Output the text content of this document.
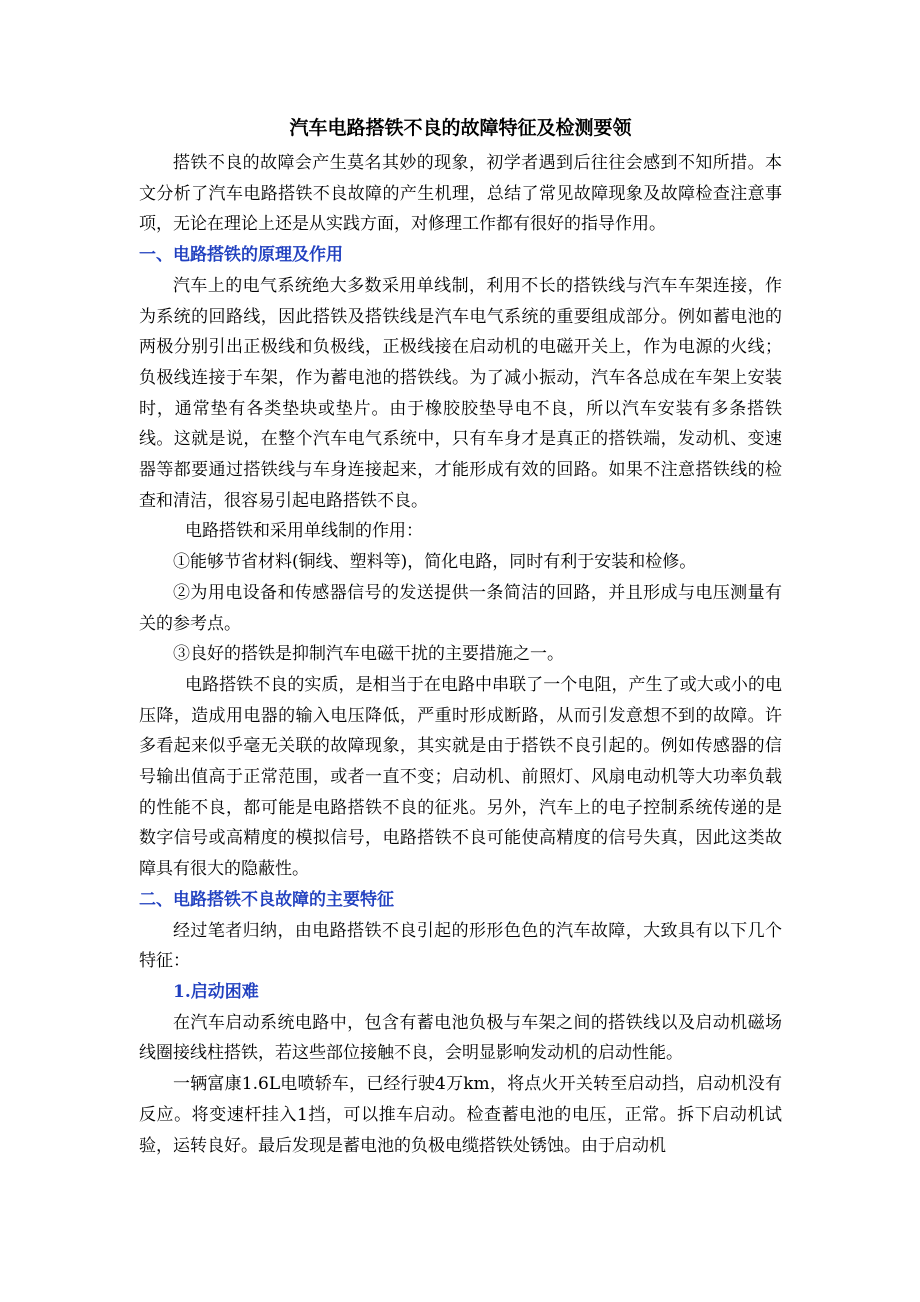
汽车电路搭铁不良的故障特征及检测要领

搭铁不良的故障会产生莫名其妙的现象，初学者遇到后往往会感到不知所措。本文分析了汽车电路搭铁不良故障的产生机理，总结了常见故障现象及故障检查注意事项，无论在理论上还是从实践方面，对修理工作都有很好的指导作用。

一、电路搭铁的原理及作用

汽车上的电气系统绝大多数采用单线制，利用不长的搭铁线与汽车车架连接，作为系统的回路线，因此搭铁及搭铁线是汽车电气系统的重要组成部分。例如蓄电池的两极分别引出正极线和负极线，正极线接在启动机的电磁开关上，作为电源的火线；负极线连接于车架，作为蓄电池的搭铁线。为了减小振动，汽车各总成在车架上安装时，通常垫有各类垫块或垫片。由于橡胶胶垫导电不良，所以汽车安装有多条搭铁线。这就是说，在整个汽车电气系统中，只有车身才是真正的搭铁端，发动机、变速器等都要通过搭铁线与车身连接起来，才能形成有效的回路。如果不注意搭铁线的检查和清洁，很容易引起电路搭铁不良。

电路搭铁和采用单线制的作用：

①能够节省材料(铜线、塑料等)，简化电路，同时有利于安装和检修。

②为用电设备和传感器信号的发送提供一条简洁的回路，并且形成与电压测量有关的参考点。

③良好的搭铁是抑制汽车电磁干扰的主要措施之一。

电路搭铁不良的实质，是相当于在电路中串联了一个电阻，产生了或大或小的电压降，造成用电器的输入电压降低，严重时形成断路，从而引发意想不到的故障。许多看起来似乎毫无关联的故障现象，其实就是由于搭铁不良引起的。例如传感器的信号输出值高于正常范围，或者一直不变；启动机、前照灯、风扇电动机等大功率负载的性能不良，都可能是电路搭铁不良的征兆。另外，汽车上的电子控制系统传递的是数字信号或高精度的模拟信号，电路搭铁不良可能使高精度的信号失真，因此这类故障具有很大的隐蔽性。

二、电路搭铁不良故障的主要特征

经过笔者归纳，由电路搭铁不良引起的形形色色的汽车故障，大致具有以下几个特征：

1.启动困难

在汽车启动系统电路中，包含有蓄电池负极与车架之间的搭铁线以及启动机磁场线圈接线柱搭铁，若这些部位接触不良，会明显影响发动机的启动性能。

一辆富康1.6L电喷轿车，已经行驶4万km，将点火开关转至启动挡，启动机没有反应。将变速杆挂入1挡，可以推车启动。检查蓄电池的电压，正常。拆下启动机试验，运转良好。最后发现是蓄电池的负极电缆搭铁处锈蚀。由于启动机
